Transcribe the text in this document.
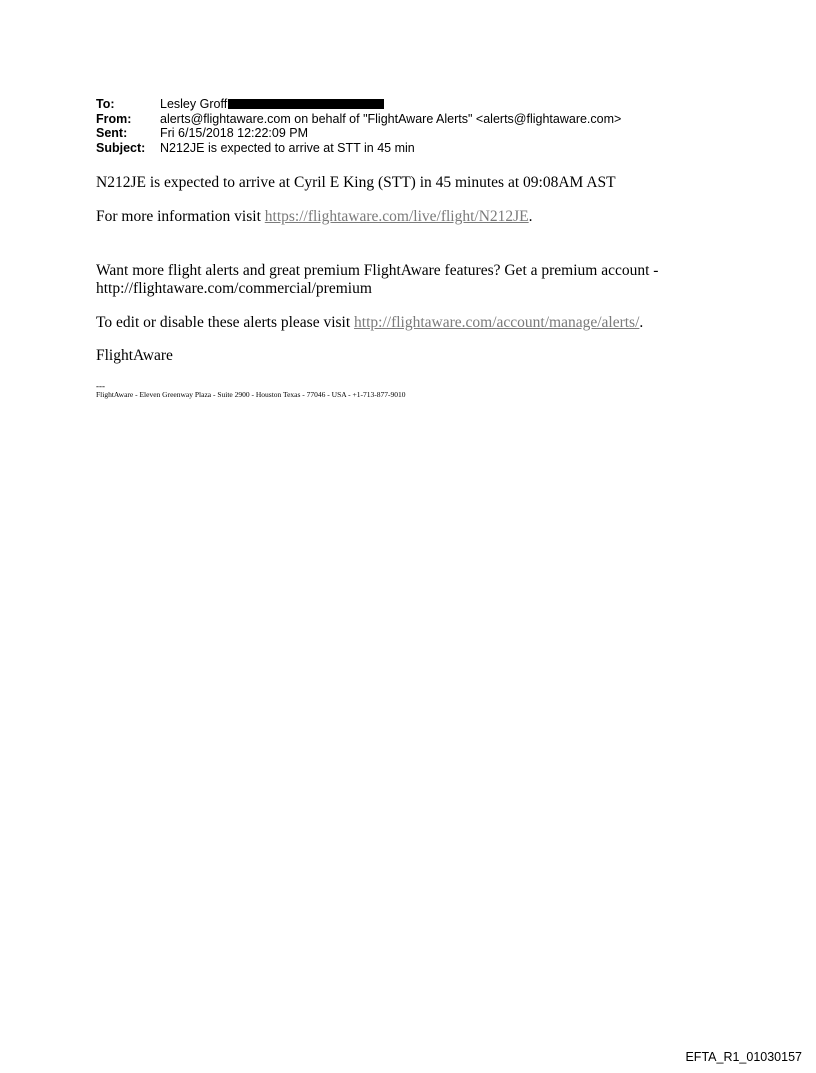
To:	Lesley Groff
From:	alerts@flightaware.com on behalf of "FlightAware Alerts" <alerts@flightaware.com>
Sent:	Fri 6/15/2018 12:22:09 PM
Subject:	N212JE is expected to arrive at STT in 45 min
N212JE is expected to arrive at Cyril E King (STT) in 45 minutes at 09:08AM AST
For more information visit https://flightaware.com/live/flight/N212JE.
Want more flight alerts and great premium FlightAware features? Get a premium account -
http://flightaware.com/commercial/premium
To edit or disable these alerts please visit http://flightaware.com/account/manage/alerts/.
FlightAware
---
FlightAware - Eleven Greenway Plaza - Suite 2900 - Houston Texas - 77046 - USA - +1-713-877-9010
EFTA_R1_01030157
